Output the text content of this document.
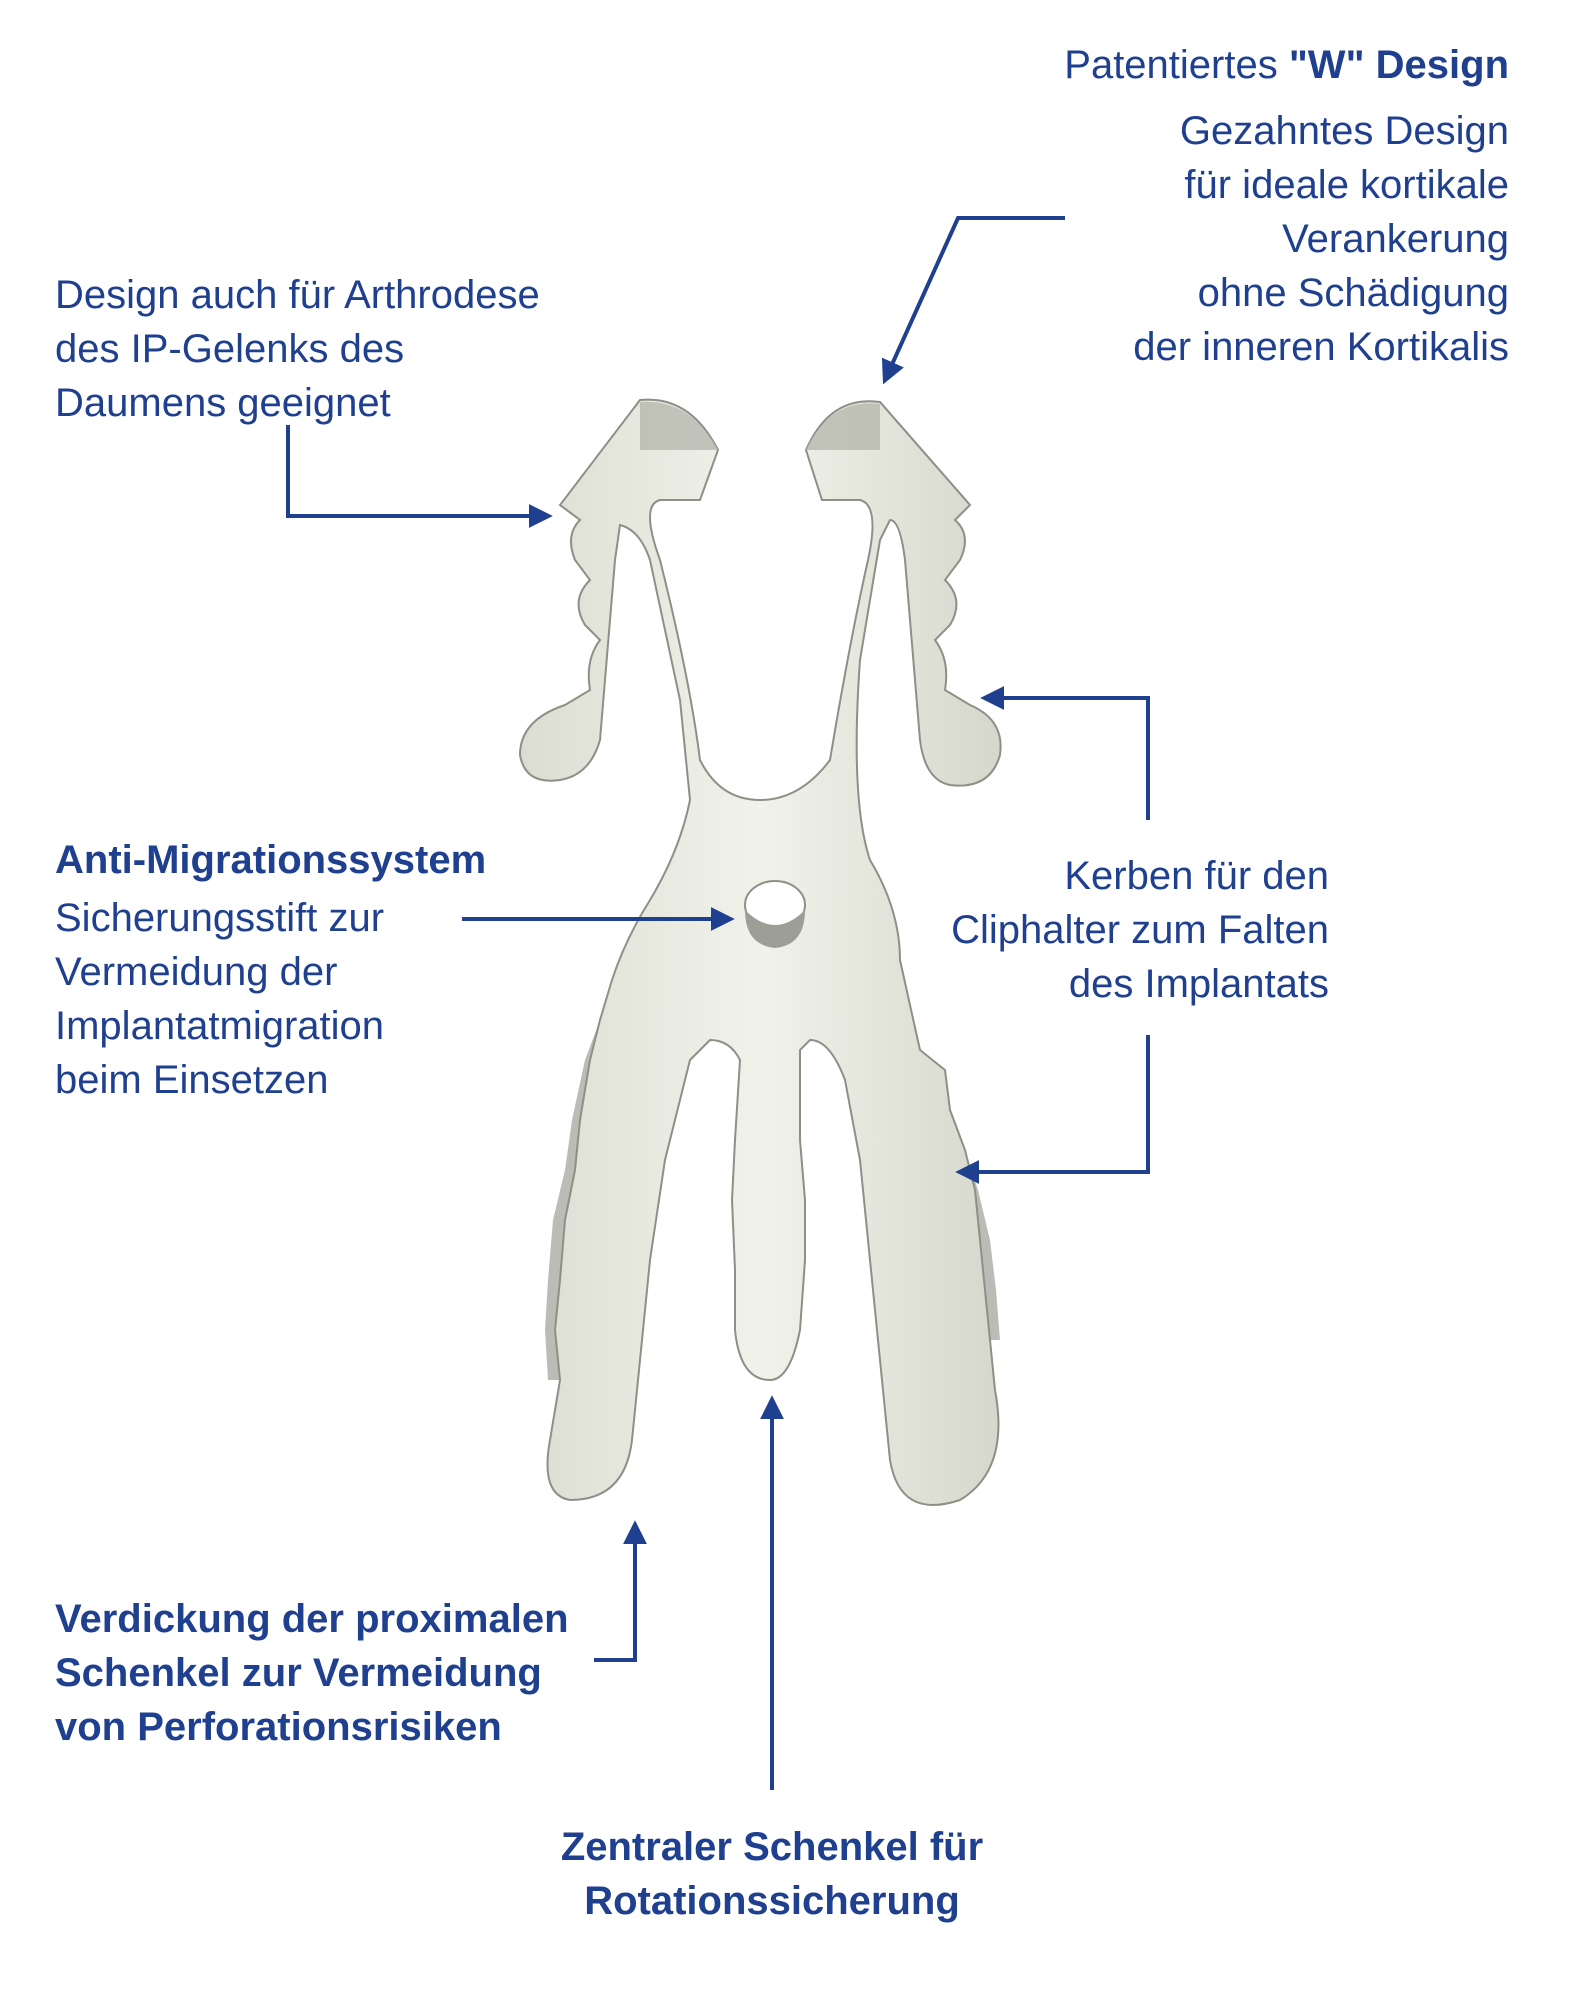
Patentiertes "W" Design
Gezahntes Design
für ideale kortikale
Verankerung
ohne Schädigung
der inneren Kortikalis
Design auch für Arthrodese
des IP-Gelenks des
Daumens geeignet
Anti-Migrationssystem
Sicherungsstift zur
Vermeidung der
Implantatmigration
beim Einsetzen
Kerben für den
Cliphalter zum Falten
des Implantats
Verdickung der proximalen
Schenkel zur Vermeidung
von Perforationsrisiken
Zentraler Schenkel für
Rotationssicherung
